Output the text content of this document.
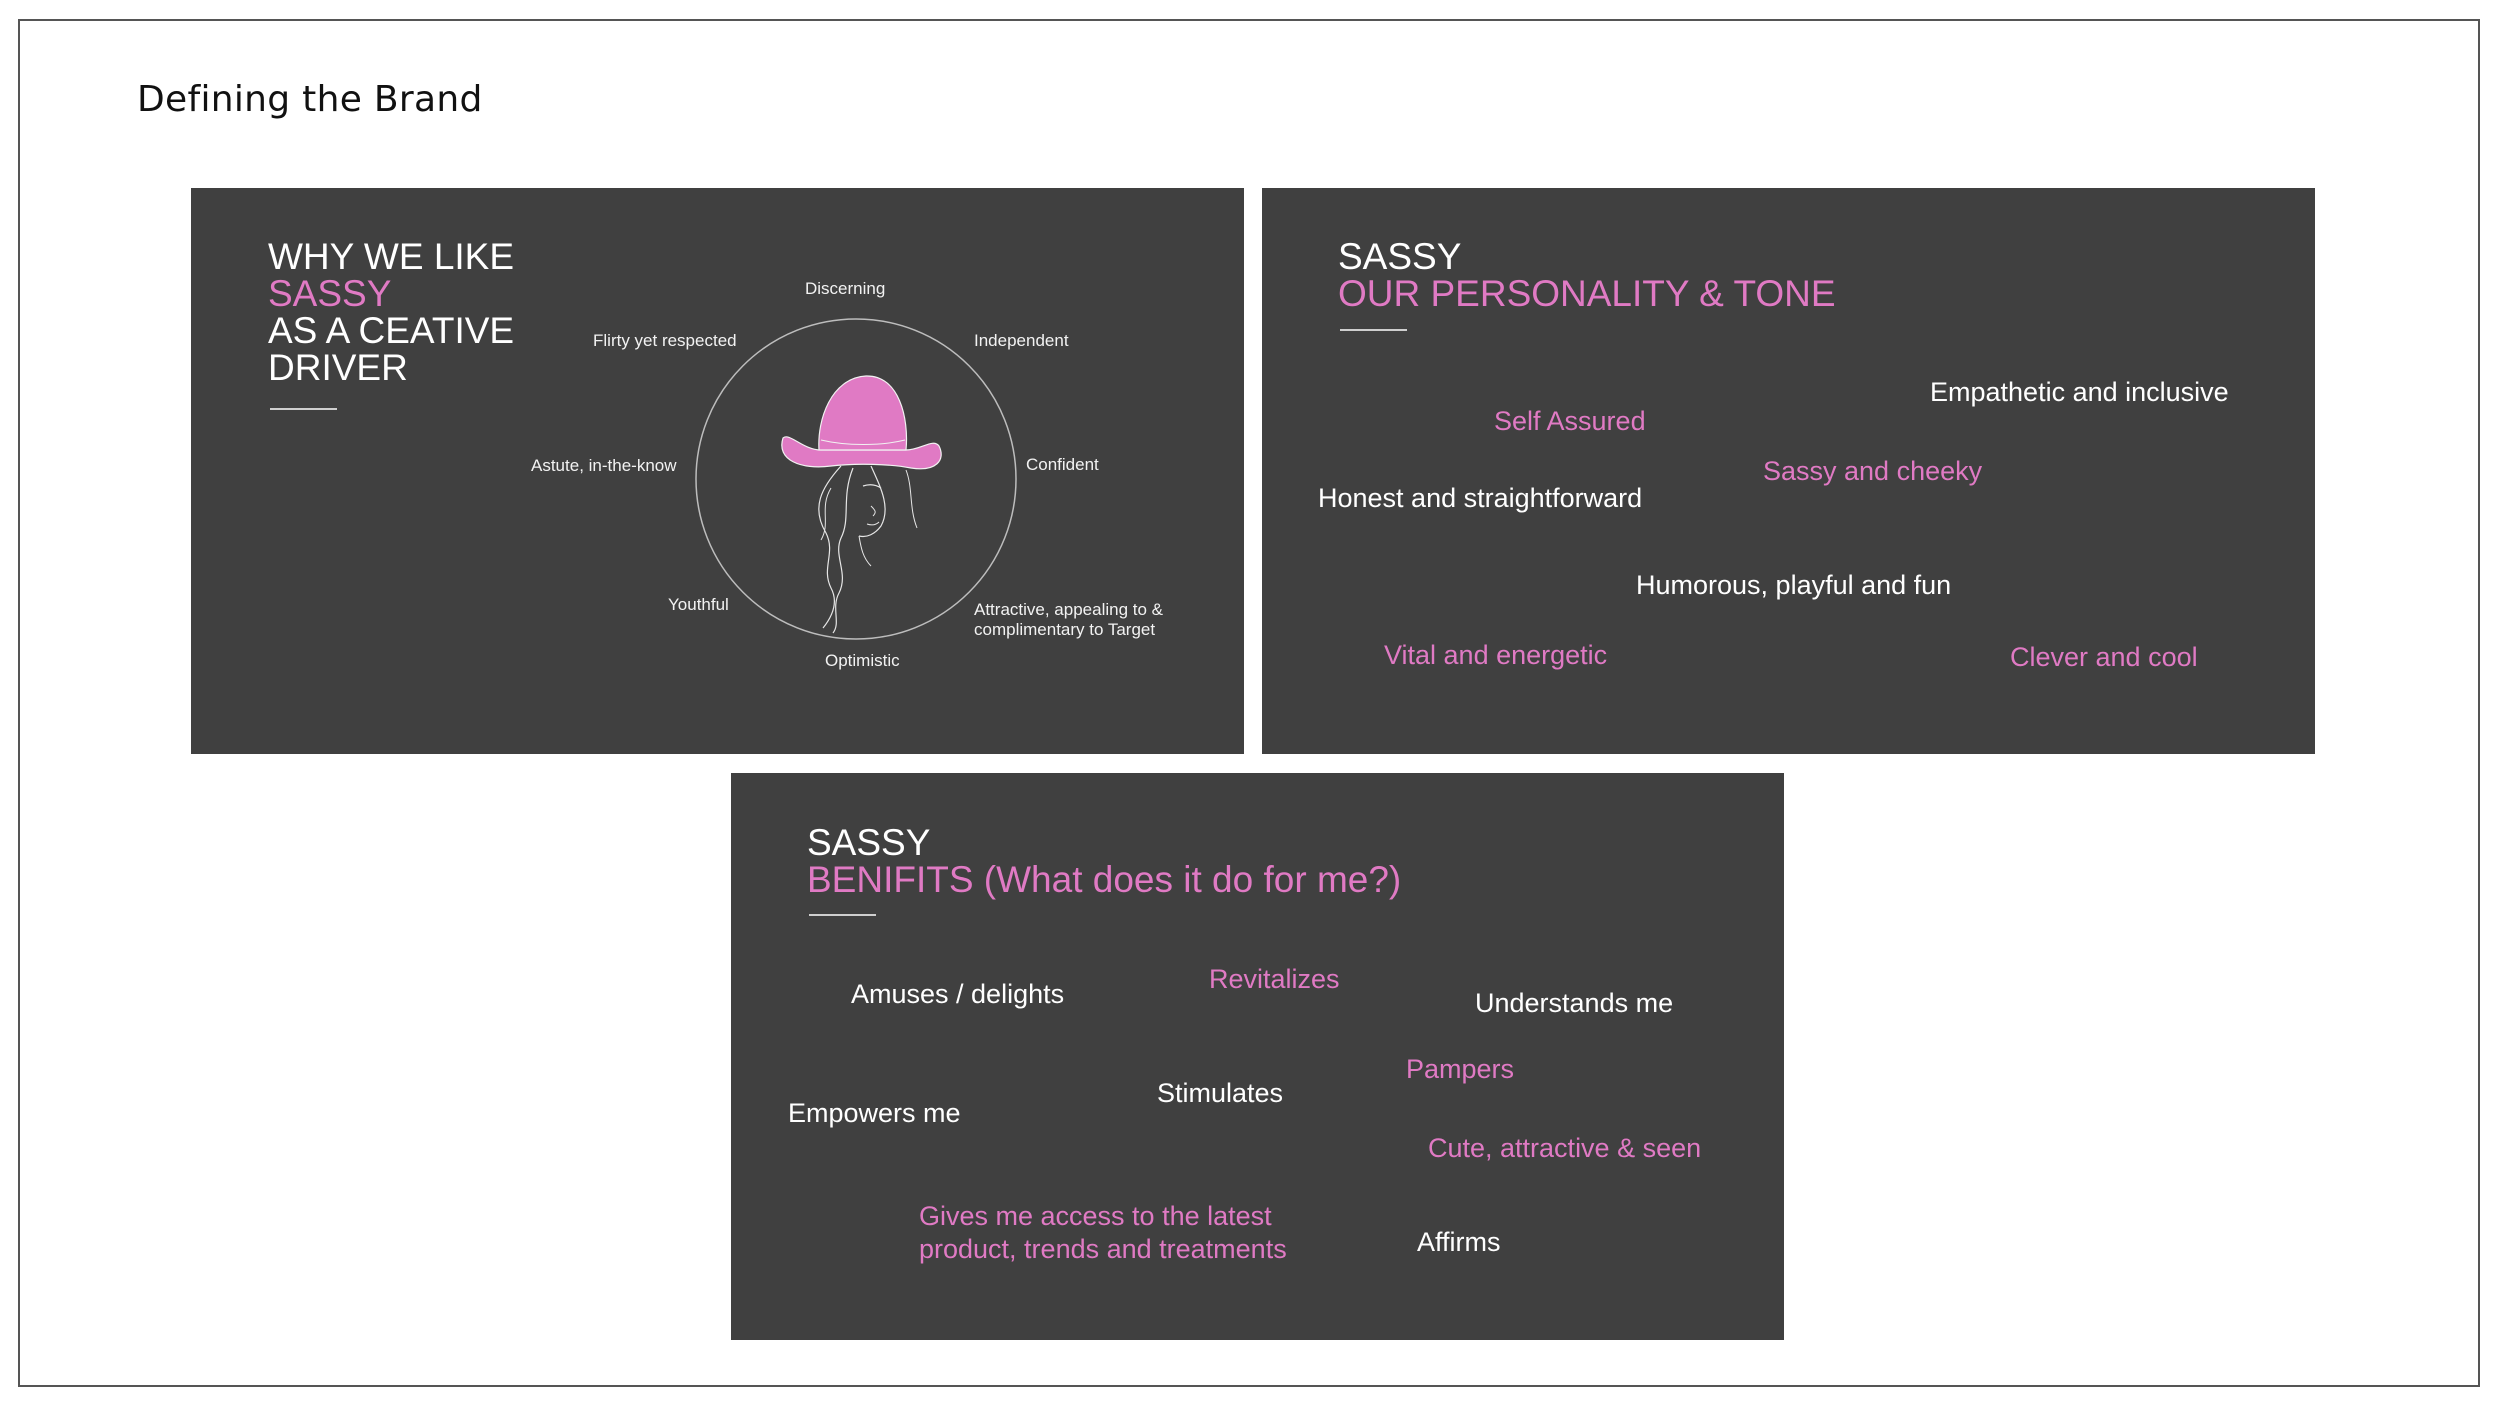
Defining the Brand
WHY WE LIKE
SASSY
AS A CEATIVE
DRIVER
Discerning
Flirty yet respected	Independent
Astute, in-the-know	Confident
Youthful	Attractive, appealing to &
complimentary to Target
Optimistic
SASSY
OUR PERSONALITY & TONE
Empathetic and inclusive
Self Assured
Sassy and cheeky
Honest and straightforward
Humorous, playful and fun
Vital and energetic	Clever and cool
SASSY
BENIFITS (What does it do for me?)
Amuses / delights	Revitalizes
Understands me
Pampers
Empowers me
Stimulates
Cute, attractive & seen
Gives me access to the latest
product, trends and treatments	Affirms
